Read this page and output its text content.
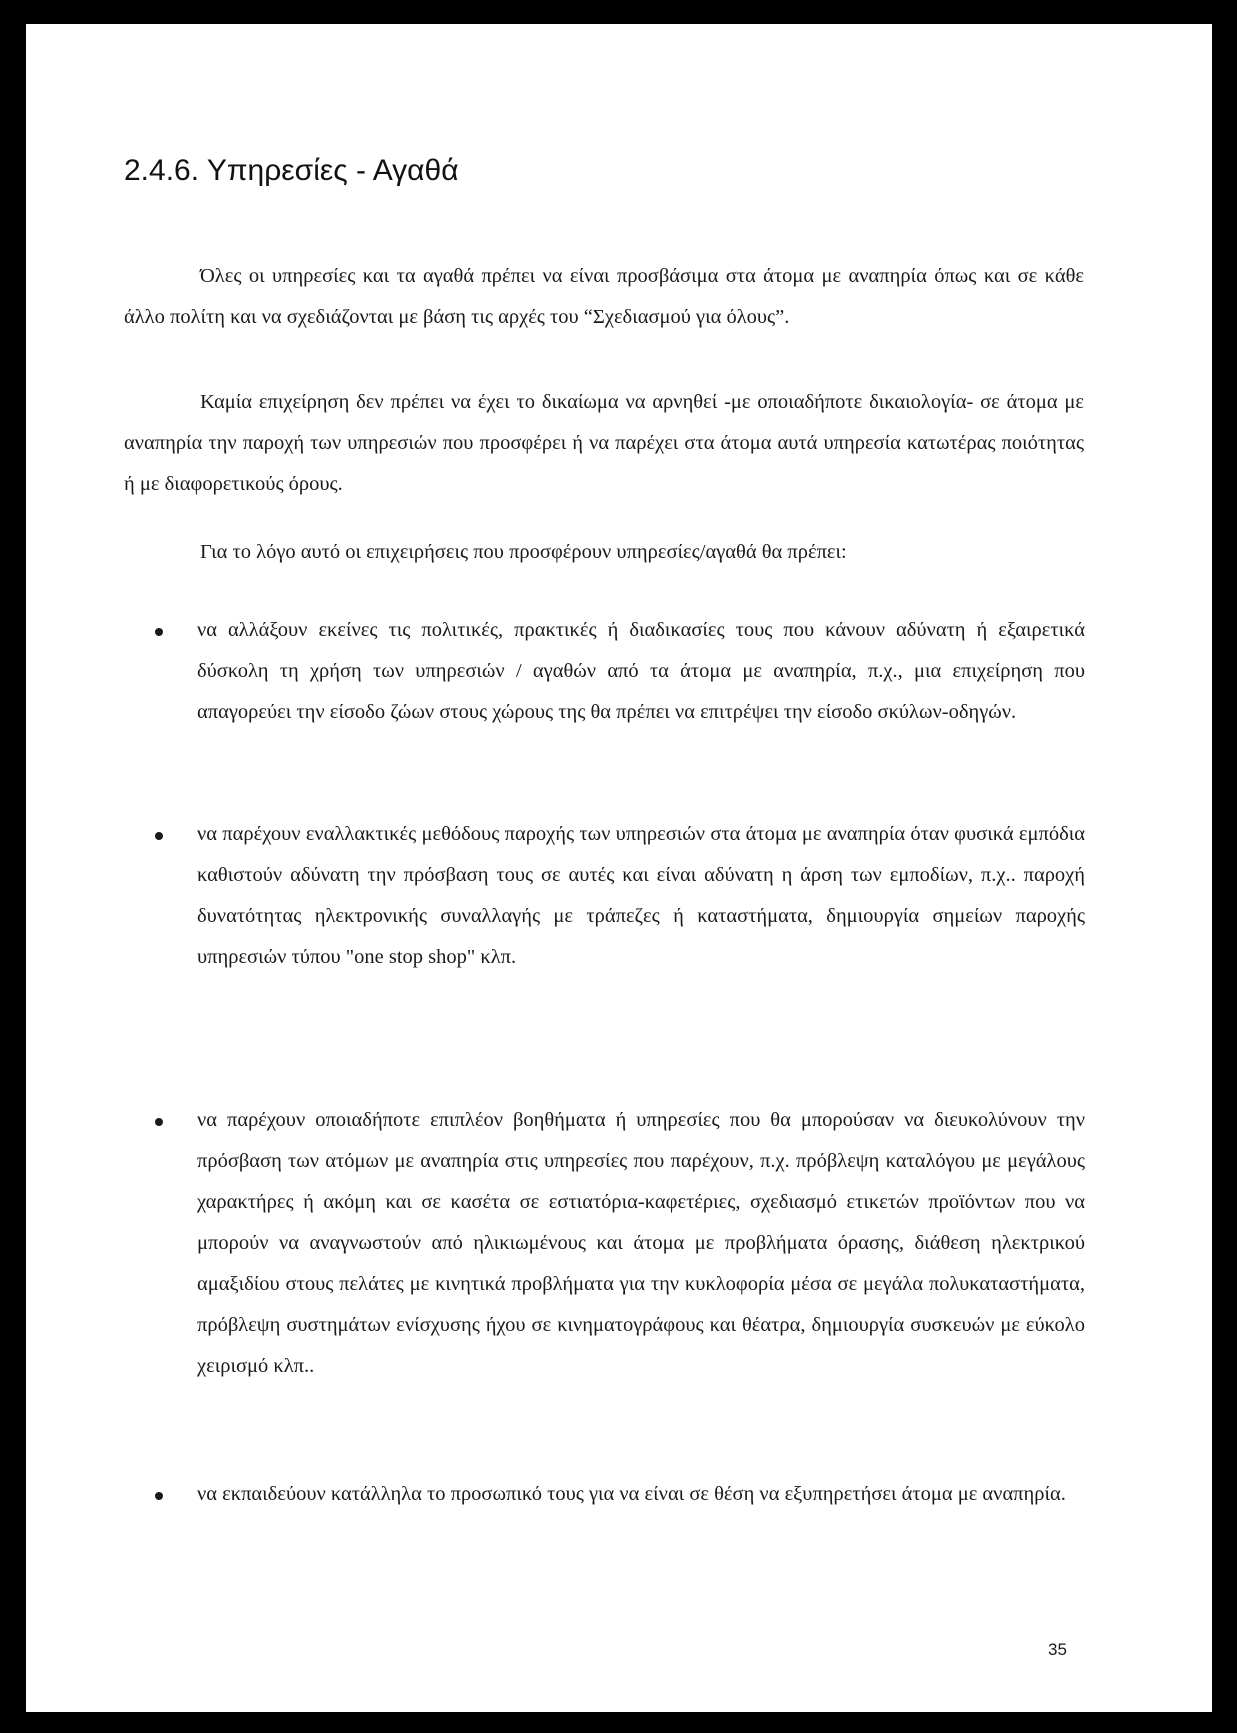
2.4.6. Υπηρεσίες - Αγαθά

Όλες οι υπηρεσίες και τα αγαθά πρέπει να είναι προσβάσιμα στα άτομα με αναπηρία όπως και σε κάθε άλλο πολίτη και να σχεδιάζονται με βάση τις αρχές του “Σχεδιασμού για όλους”.

Καμία επιχείρηση δεν πρέπει να έχει το δικαίωμα να αρνηθεί -με οποιαδήποτε δικαιολογία- σε άτομα με αναπηρία την παροχή των υπηρεσιών που προσφέρει ή να παρέχει στα άτομα αυτά υπηρεσία κατωτέρας ποιότητας ή με διαφορετικούς όρους.

Για το λόγο αυτό οι επιχειρήσεις που προσφέρουν υπηρεσίες/αγαθά θα πρέπει:

να αλλάξουν εκείνες τις πολιτικές, πρακτικές ή διαδικασίες τους που κάνουν αδύνατη ή εξαιρετικά δύσκολη τη χρήση των υπηρεσιών / αγαθών από τα άτομα με αναπηρία, π.χ., μια επιχείρηση που απαγορεύει την είσοδο ζώων στους χώρους της θα πρέπει να επιτρέψει την είσοδο σκύλων-οδηγών.
να παρέχουν εναλλακτικές μεθόδους παροχής των υπηρεσιών στα άτομα με αναπηρία όταν φυσικά εμπόδια καθιστούν αδύνατη την πρόσβαση τους σε αυτές και είναι αδύνατη η άρση των εμποδίων, π.χ.. παροχή δυνατότητας ηλεκτρονικής συναλλαγής με τράπεζες ή καταστήματα, δημιουργία σημείων παροχής υπηρεσιών τύπου "one stop shop" κλπ.
να παρέχουν οποιαδήποτε επιπλέον βοηθήματα ή υπηρεσίες που θα μπορούσαν να διευκολύνουν την πρόσβαση των ατόμων με αναπηρία στις υπηρεσίες που παρέχουν, π.χ. πρόβλεψη καταλόγου με μεγάλους χαρακτήρες ή ακόμη και σε κασέτα σε εστιατόρια-καφετέριες, σχεδιασμό ετικετών προϊόντων που να μπορούν να αναγνωστούν από ηλικιωμένους και άτομα με προβλήματα όρασης, διάθεση ηλεκτρικού αμαξιδίου στους πελάτες με κινητικά προβλήματα για την κυκλοφορία μέσα σε μεγάλα πολυκαταστήματα, πρόβλεψη συστημάτων ενίσχυσης ήχου σε κινηματογράφους και θέατρα, δημιουργία συσκευών με εύκολο χειρισμό κλπ..
να εκπαιδεύουν κατάλληλα το προσωπικό τους για να είναι σε θέση να εξυπηρετήσει άτομα με αναπηρία.

35
